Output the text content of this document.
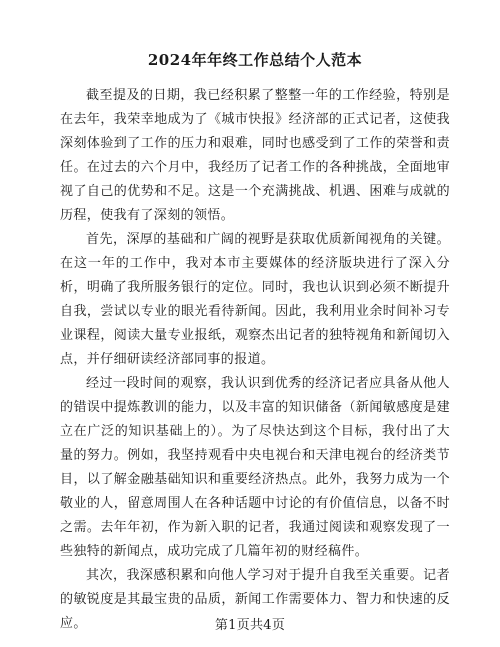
2024年年终工作总结个人范本

截至提及的日期，我已经积累了整整一年的工作经验，特别是在去年，我荣幸地成为了《城市快报》经济部的正式记者，这使我深刻体验到了工作的压力和艰难，同时也感受到了工作的荣誉和责任。在过去的六个月中，我经历了记者工作的各种挑战，全面地审视了自己的优势和不足。这是一个充满挑战、机遇、困难与成就的历程，使我有了深刻的领悟。

首先，深厚的基础和广阔的视野是获取优质新闻视角的关键。在这一年的工作中，我对本市主要媒体的经济版块进行了深入分析，明确了我所服务银行的定位。同时，我也认识到必须不断提升自我，尝试以专业的眼光看待新闻。因此，我利用业余时间补习专业课程，阅读大量专业报纸，观察杰出记者的独特视角和新闻切入点，并仔细研读经济部同事的报道。

经过一段时间的观察，我认识到优秀的经济记者应具备从他人的错误中提炼教训的能力，以及丰富的知识储备（新闻敏感度是建立在广泛的知识基础上的）。为了尽快达到这个目标，我付出了大量的努力。例如，我坚持观看中央电视台和天津电视台的经济类节目，以了解金融基础知识和重要经济热点。此外，我努力成为一个敬业的人，留意周围人在各种话题中讨论的有价值信息，以备不时之需。去年年初，作为新入职的记者，我通过阅读和观察发现了一些独特的新闻点，成功完成了几篇年初的财经稿件。

其次，我深感积累和向他人学习对于提升自我至关重要。记者的敏锐度是其最宝贵的品质，新闻工作需要体力、智力和快速的反应。	第1页共4页
